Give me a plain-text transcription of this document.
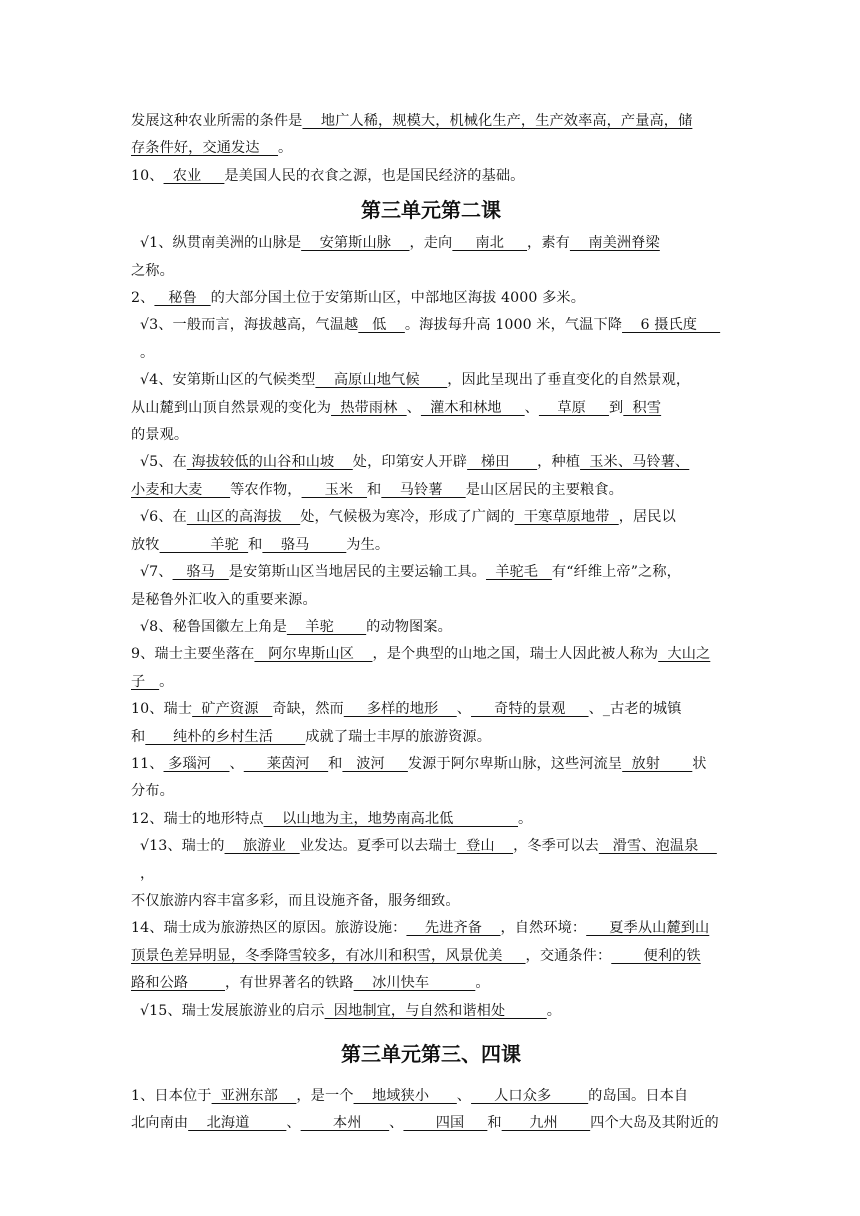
发展这种农业所需的条件是    地广人稀，规模大，机械化生产，生产效率高，产量高，储

存条件好，交通发达    。

10、  农业     是美国人民的衣食之源，也是国民经济的基础。

第三单元第二课

√1、纵贯南美洲的山脉是    安第斯山脉    ，走向     南北     ，素有    南美洲脊梁

之称。

2、   秘鲁   的大部分国土位于安第斯山区，中部地区海拔 4000 多米。

√3、一般而言，海拔越高，气温越   低    。海拔每升高 1000 米，气温下降    6 摄氏度     。

√4、安第斯山区的气候类型    高原山地气候      ，因此呈现出了垂直变化的自然景观，

从山麓到山顶自然景观的变化为  热带雨林  、  灌木和林地     、    草原     到  积雪

的景观。

√5、在 海拔较低的山谷和山坡    处，印第安人开辟   梯田      ，种植  玉米、马铃薯、

小麦和大麦      等农作物，     玉米   和    马铃薯     是山区居民的主要粮食。

√6、在  山区的高海拔    处，气候极为寒冷，形成了广阔的  干寒草原地带  ，居民以

放牧           羊驼  和    骆马        为生。

√7、   骆马   是安第斯山区当地居民的主要运输工具。  羊驼毛   有“纤维上帝”之称，

是秘鲁外汇收入的重要来源。

√8、秘鲁国徽左上角是    羊驼       的动物图案。

9、瑞士主要坐落在   阿尔卑斯山区    ，是个典型的山地之国，瑞士人因此被人称为  大山之

子   。

10、瑞士  矿产资源   奇缺，然而     多样的地形    、     奇特的景观     、_古老的城镇

和      纯朴的乡村生活       成就了瑞士丰厚的旅游资源。

11、 多瑙河    、     莱茵河    和   波河     发源于阿尔卑斯山脉，这些河流呈  放射       状

分布。

12、瑞士的地形特点    以山地为主，地势南高北低              。

√13、瑞士的    旅游业   业发达。夏季可以去瑞士  登山    ，冬季可以去   滑雪、泡温泉    ，

不仅旅游内容丰富多彩，而且设施齐备，服务细致。

14、瑞士成为旅游热区的原因。旅游设施：    先进齐备    ，自然环境：     夏季从山麓到山

顶景色差异明显，冬季降雪较多，有冰川和积雪，风景优美     ，交通条件：       便利的铁

路和公路        ，有世界著名的铁路    冰川快车          。

√15、瑞士发展旅游业的启示  因地制宜，与自然和谐相处         。

第三单元第三、四课

1、日本位于  亚洲东部    ，是一个    地域狭小      、     人口众多        的岛国。日本自

北向南由    北海道        、       本州      、       四国     和      九州       四个大岛及其附近的
